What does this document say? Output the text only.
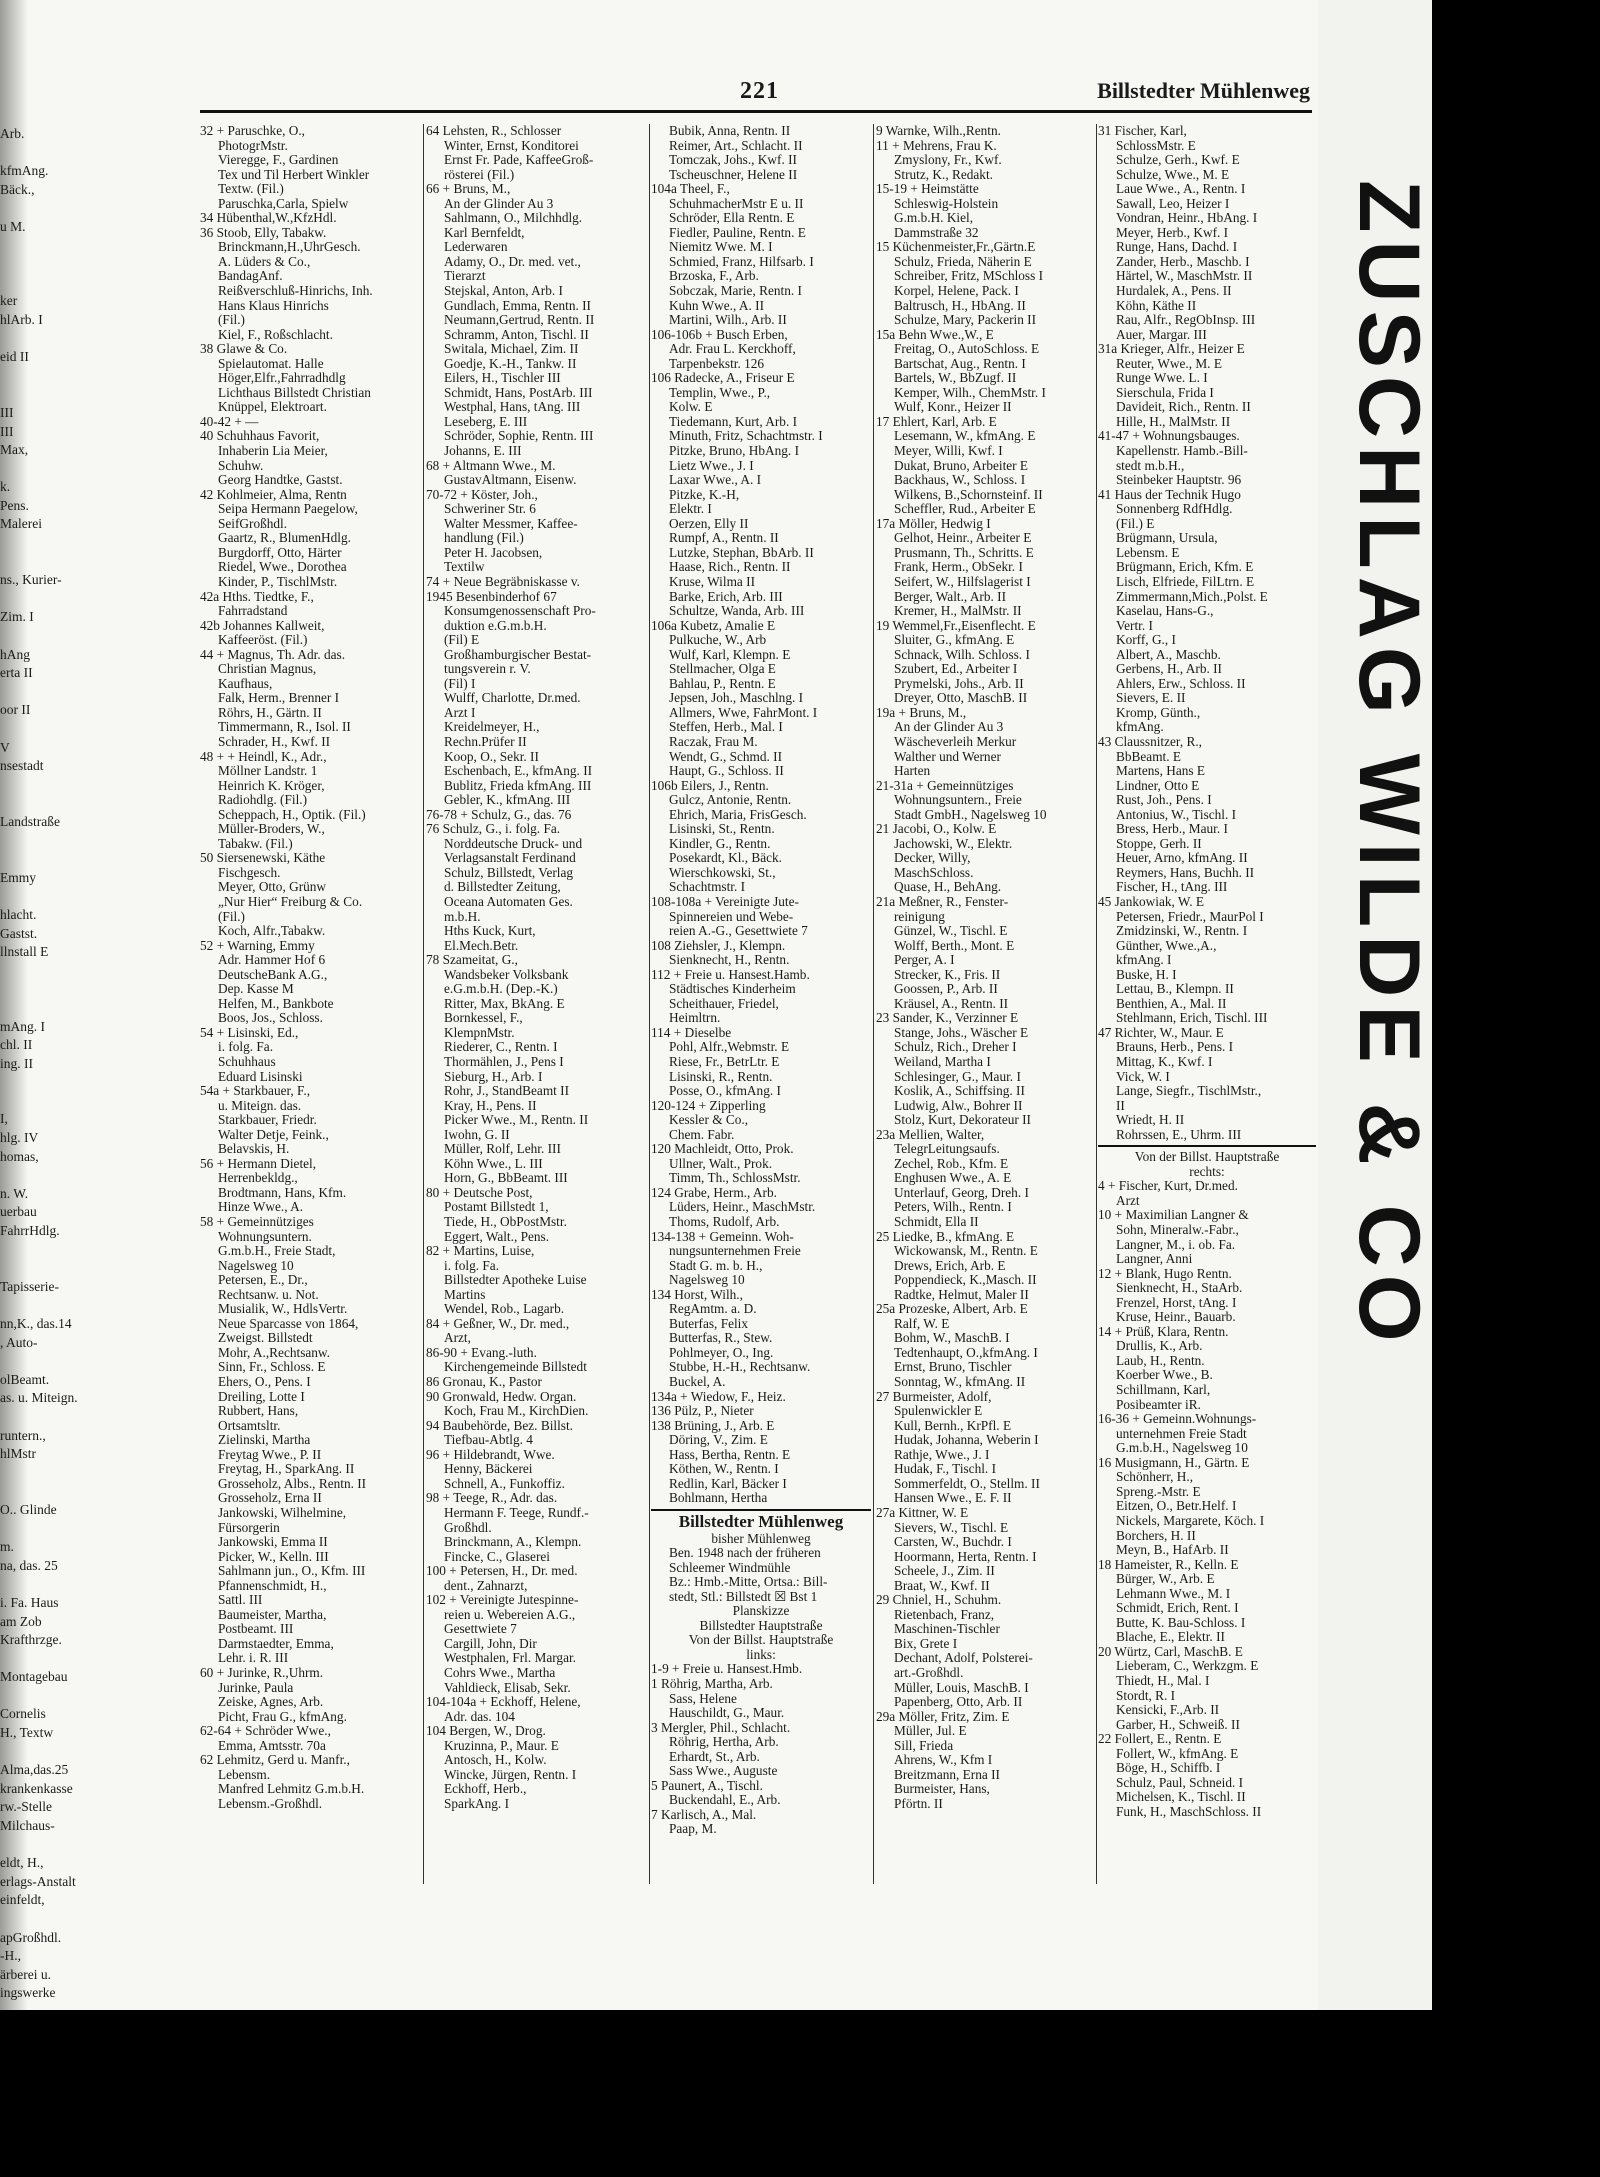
Arb.
kfmAng.
Bäck.,
u M.
ker
hlArb. I
eid II
III
III
Max,
k.
Pens.
Malerei
ns., Kurier-
Zim. I
hAng
erta II
oor II
V
nsestadt
Landstraße
Emmy
hlacht.
Gastst.
llnstall E
mAng. I
chl. II
ing. II
I,
hlg. IV
homas,
n. W.
uerbau
FahrrHdlg.
Tapisserie-
nn,K., das.14
, Auto-
olBeamt.
as. u. Miteign.
runtern.,
hlMstr
O.. Glinde
m.
na, das. 25
i. Fa. Haus
am Zob
Krafthrzge.
Montagebau
Cornelis
H., Textw
Alma,das.25
krankenkasse
rw.-Stelle
Milchaus-
eldt, H.,
erlags-Anstalt
einfeldt,
apGroßhdl.
-H.,
ärberei u.
ingswerke
221	Billstedter Mühlenweg
32 + Paruschke, O.,
PhotogrMstr.
Vieregge, F., Gardinen
Tex und Til Herbert Winkler
Textw. (Fil.)
Paruschka,Carla, Spielw
34 Hübenthal,W.,KfzHdl.
36 Stoob, Elly, Tabakw.
Brinckmann,H.,UhrGesch.
A. Lüders & Co.,
BandagAnf.
Reißverschluß-Hinrichs, Inh.
Hans Klaus Hinrichs
(Fil.)
Kiel, F., Roßschlacht.
38 Glawe & Co.
Spielautomat. Halle
Höger,Elfr.,Fahrradhdlg
Lichthaus Billstedt Christian
Knüppel, Elektroart.
40-42 + —
40 Schuhhaus Favorit,
Inhaberin Lia Meier,
Schuhw.
Georg Handtke, Gastst.
42 Kohlmeier, Alma, Rentn
Seipa Hermann Paegelow,
SeifGroßhdl.
Gaartz, R., BlumenHdlg.
Burgdorff, Otto, Härter
Riedel, Wwe., Dorothea
Kinder, P., TischlMstr.
42a Hths. Tiedtke, F.,
Fahrradstand
42b Johannes Kallweit,
Kaffeeröst. (Fil.)
44 + Magnus, Th. Adr. das.
Christian Magnus,
Kaufhaus,
Falk, Herm., Brenner I
Röhrs, H., Gärtn. II
Timmermann, R., Isol. II
Schrader, H., Kwf. II
48 + + Heindl, K., Adr.,
Möllner Landstr. 1
Heinrich K. Kröger,
Radiohdlg. (Fil.)
Scheppach, H., Optik. (Fil.)
Müller-Broders, W.,
Tabakw. (Fil.)
50 Siersenewski, Käthe
Fischgesch.
Meyer, Otto, Grünw
„Nur Hier“ Freiburg & Co.
(Fil.)
Koch, Alfr.,Tabakw.
52 + Warning, Emmy
Adr. Hammer Hof 6
DeutscheBank A.G.,
Dep. Kasse M
Helfen, M., Bankbote
Boos, Jos., Schloss.
54 + Lisinski, Ed.,
i. folg. Fa.
Schuhhaus
Eduard Lisinski
54a + Starkbauer, F.,
u. Miteign. das.
Starkbauer, Friedr.
Walter Detje, Feink.,
Belavskis, H.
56 + Hermann Dietel,
Herrenbekldg.,
Brodtmann, Hans, Kfm.
Hinze Wwe., A.
58 + Gemeinnütziges
Wohnungsuntern.
G.m.b.H., Freie Stadt,
Nagelsweg 10
Petersen, E., Dr.,
Rechtsanw. u. Not.
Musialik, W., HdlsVertr.
Neue Sparcasse von 1864,
Zweigst. Billstedt
Mohr, A.,Rechtsanw.
Sinn, Fr., Schloss. E
Ehers, O., Pens. I
Dreiling, Lotte I
Rubbert, Hans,
Ortsamtsltr.
Zielinski, Martha
Freytag Wwe., P. II
Freytag, H., SparkAng. II
Grosseholz, Albs., Rentn. II
Grosseholz, Erna II
Jankowski, Wilhelmine,
Fürsorgerin
Jankowski, Emma II
Picker, W., Kelln. III
Sahlmann jun., O., Kfm. III
Pfannenschmidt, H.,
Sattl. III
Baumeister, Martha,
Postbeamt. III
Darmstaedter, Emma,
Lehr. i. R. III
60 + Jurinke, R.,Uhrm.
Jurinke, Paula
Zeiske, Agnes, Arb.
Picht, Frau G., kfmAng.
62-64 + Schröder Wwe.,
Emma, Amtsstr. 70a
62 Lehmitz, Gerd u. Manfr.,
Lebensm.
Manfred Lehmitz G.m.b.H.
Lebensm.-Großhdl.
64 Lehsten, R., Schlosser
Winter, Ernst, Konditorei
Ernst Fr. Pade, KaffeeGroß-
rösterei (Fil.)
66 + Bruns, M.,
An der Glinder Au 3
Sahlmann, O., Milchhdlg.
Karl Bernfeldt,
Lederwaren
Adamy, O., Dr. med. vet.,
Tierarzt
Stejskal, Anton, Arb. I
Gundlach, Emma, Rentn. II
Neumann,Gertrud, Rentn. II
Schramm, Anton, Tischl. II
Switala, Michael, Zim. II
Goedje, K.-H., Tankw. II
Eilers, H., Tischler III
Schmidt, Hans, PostArb. III
Westphal, Hans, tAng. III
Leseberg, E. III
Schröder, Sophie, Rentn. III
Johanns, E. III
68 + Altmann Wwe., M.
GustavAltmann, Eisenw.
70-72 + Köster, Joh.,
Schweriner Str. 6
Walter Messmer, Kaffee-
handlung (Fil.)
Peter H. Jacobsen,
Textilw
74 + Neue Begräbniskasse v.
1945 Besenbinderhof 67
Konsumgenossenschaft Pro-
duktion e.G.m.b.H.
(Fil) E
Großhamburgischer Bestat-
tungsverein r. V.
(Fil) I
Wulff, Charlotte, Dr.med.
Arzt I
Kreidelmeyer, H.,
Rechn.Prüfer II
Koop, O., Sekr. II
Eschenbach, E., kfmAng. II
Bublitz, Frieda kfmAng. III
Gebler, K., kfmAng. III
76-78 + Schulz, G., das. 76
76 Schulz, G., i. folg. Fa.
Norddeutsche Druck- und
Verlagsanstalt Ferdinand
Schulz, Billstedt, Verlag
d. Billstedter Zeitung,
Oceana Automaten Ges.
m.b.H.
Hths Kuck, Kurt,
El.Mech.Betr.
78 Szameitat, G.,
Wandsbeker Volksbank
e.G.m.b.H. (Dep.-K.)
Ritter, Max, BkAng. E
Bornkessel, F.,
KlempnMstr.
Riederer, C., Rentn. I
Thormählen, J., Pens I
Sieburg, H., Arb. I
Rohr, J., StandBeamt II
Kray, H., Pens. II
Picker Wwe., M., Rentn. II
Iwohn, G. II
Müller, Rolf, Lehr. III
Köhn Wwe., L. III
Horn, G., BbBeamt. III
80 + Deutsche Post,
Postamt Billstedt 1,
Tiede, H., ObPostMstr.
Eggert, Walt., Pens.
82 + Martins, Luise,
i. folg. Fa.
Billstedter Apotheke Luise
Martins
Wendel, Rob., Lagarb.
84 + Geßner, W., Dr. med.,
Arzt,
86-90 + Evang.-luth.
Kirchengemeinde Billstedt
86 Gronau, K., Pastor
90 Gronwald, Hedw. Organ.
Koch, Frau M., KirchDien.
94 Baubehörde, Bez. Billst.
Tiefbau-Abtlg. 4
96 + Hildebrandt, Wwe.
Henny, Bäckerei
Schnell, A., Funkoffiz.
98 + Teege, R., Adr. das.
Hermann F. Teege, Rundf.-
Großhdl.
Brinckmann, A., Klempn.
Fincke, C., Glaserei
100 + Petersen, H., Dr. med.
dent., Zahnarzt,
102 + Vereinigte Jutespinne-
reien u. Webereien A.G.,
Gesettwiete 7
Cargill, John, Dir
Westphalen, Frl. Margar.
Cohrs Wwe., Martha
Vahldieck, Elisab, Sekr.
104-104a + Eckhoff, Helene,
Adr. das. 104
104 Bergen, W., Drog.
Kruzinna, P., Maur. E
Antosch, H., Kolw.
Wincke, Jürgen, Rentn. I
Eckhoff, Herb.,
SparkAng. I
Bubik, Anna, Rentn. II
Reimer, Art., Schlacht. II
Tomczak, Johs., Kwf. II
Tscheuschner, Helene II
104a Theel, F.,
SchuhmacherMstr E u. II
Schröder, Ella Rentn. E
Fiedler, Pauline, Rentn. E
Niemitz Wwe. M. I
Schmied, Franz, Hilfsarb. I
Brzoska, F., Arb.
Sobczak, Marie, Rentn. I
Kuhn Wwe., A. II
Martini, Wilh., Arb. II
106-106b + Busch Erben,
Adr. Frau L. Kerckhoff,
Tarpenbekstr. 126
106 Radecke, A., Friseur E
Templin, Wwe., P.,
Kolw. E
Tiedemann, Kurt, Arb. I
Minuth, Fritz, Schachtmstr. I
Pitzke, Bruno, HbAng. I
Lietz Wwe., J. I
Laxar Wwe., A. I
Pitzke, K.-H,
Elektr. I
Oerzen, Elly II
Rumpf, A., Rentn. II
Lutzke, Stephan, BbArb. II
Haase, Rich., Rentn. II
Kruse, Wilma II
Barke, Erich, Arb. III
Schultze, Wanda, Arb. III
106a Kubetz, Amalie E
Pulkuche, W., Arb
Wulf, Karl, Klempn. E
Stellmacher, Olga E
Bahlau, P., Rentn. E
Jepsen, Joh., Maschlng. I
Allmers, Wwe, FahrMont. I
Steffen, Herb., Mal. I
Raczak, Frau M.
Wendt, G., Schmd. II
Haupt, G., Schloss. II
106b Eilers, J., Rentn.
Gulcz, Antonie, Rentn.
Ehrich, Maria, FrisGesch.
Lisinski, St., Rentn.
Kindler, G., Rentn.
Posekardt, Kl., Bäck.
Wierschkowski, St.,
Schachtmstr. I
108-108a + Vereinigte Jute-
Spinnereien und Webe-
reien A.-G., Gesettwiete 7
108 Ziehsler, J., Klempn.
Sienknecht, H., Rentn.
112 + Freie u. Hansest.Hamb.
Städtisches Kinderheim
Scheithauer, Friedel,
Heimltrn.
114 + Dieselbe
Pohl, Alfr.,Webmstr. E
Riese, Fr., BetrLtr. E
Lisinski, R., Rentn.
Posse, O., kfmAng. I
120-124 + Zipperling
Kessler & Co.,
Chem. Fabr.
120 Machleidt, Otto, Prok.
Ullner, Walt., Prok.
Timm, Th., SchlossMstr.
124 Grabe, Herm., Arb.
Lüders, Heinr., MaschMstr.
Thoms, Rudolf, Arb.
134-138 + Gemeinn. Woh-
nungsunternehmen Freie
Stadt G. m. b. H.,
Nagelsweg 10
134 Horst, Wilh.,
RegAmtm. a. D.
Buterfas, Felix
Butterfas, R., Stew.
Pohlmeyer, O., Ing.
Stubbe, H.-H., Rechtsanw.
Buckel, A.
134a + Wiedow, F., Heiz.
136 Pülz, P., Nieter
138 Brüning, J., Arb. E
Döring, V., Zim. E
Hass, Bertha, Rentn. E
Köthen, W., Rentn. I
Redlin, Karl, Bäcker I
Bohlmann, Hertha
Billstedter Mühlenweg
bisher Mühlenweg
Ben. 1948 nach der früheren
Schleemer Windmühle
Bz.: Hmb.-Mitte, Ortsa.: Bill-
stedt, Stl.: Billstedt ☒ Bst 1
Planskizze
Billstedter Hauptstraße
Von der Billst. Hauptstraße
links:
1-9 + Freie u. Hansest.Hmb.
1 Röhrig, Martha, Arb.
Sass, Helene
Hauschildt, G., Maur.
3 Mergler, Phil., Schlacht.
Röhrig, Hertha, Arb.
Erhardt, St., Arb.
Sass Wwe., Auguste
5 Paunert, A., Tischl.
Buckendahl, E., Arb.
7 Karlisch, A., Mal.
Paap, M.
9 Warnke, Wilh.,Rentn.
11 + Mehrens, Frau K.
Zmyslony, Fr., Kwf.
Strutz, K., Redakt.
15-19 + Heimstätte
Schleswig-Holstein
G.m.b.H. Kiel,
Dammstraße 32
15 Küchenmeister,Fr.,Gärtn.E
Schulz, Frieda, Näherin E
Schreiber, Fritz, MSchloss I
Korpel, Helene, Pack. I
Baltrusch, H., HbAng. II
Schulze, Mary, Packerin II
15a Behn Wwe.,W., E
Freitag, O., AutoSchloss. E
Bartschat, Aug., Rentn. I
Bartels, W., BbZugf. II
Kemper, Wilh., ChemMstr. I
Wulf, Konr., Heizer II
17 Ehlert, Karl, Arb. E
Lesemann, W., kfmAng. E
Meyer, Willi, Kwf. I
Dukat, Bruno, Arbeiter E
Backhaus, W., Schloss. I
Wilkens, B.,Schornsteinf. II
Scheffler, Rud., Arbeiter E
17a Möller, Hedwig I
Gelhot, Heinr., Arbeiter E
Prusmann, Th., Schritts. E
Frank, Herm., ObSekr. I
Seifert, W., Hilfslagerist I
Berger, Walt., Arb. II
Kremer, H., MalMstr. II
19 Wemmel,Fr.,Eisenflecht. E
Sluiter, G., kfmAng. E
Schnack, Wilh. Schloss. I
Szubert, Ed., Arbeiter I
Prymelski, Johs., Arb. II
Dreyer, Otto, MaschB. II
19a + Bruns, M.,
An der Glinder Au 3
Wäscheverleih Merkur
Walther und Werner
Harten
21-31a + Gemeinnütziges
Wohnungsuntern., Freie
Stadt GmbH., Nagelsweg 10
21 Jacobi, O., Kolw. E
Jachowski, W., Elektr.
Decker, Willy,
MaschSchloss.
Quase, H., BehAng.
21a Meßner, R., Fenster-
reinigung
Günzel, W., Tischl. E
Wolff, Berth., Mont. E
Perger, A. I
Strecker, K., Fris. II
Goossen, P., Arb. II
Kräusel, A., Rentn. II
23 Sander, K., Verzinner E
Stange, Johs., Wäscher E
Schulz, Rich., Dreher I
Weiland, Martha I
Schlesinger, G., Maur. I
Koslik, A., Schiffsing. II
Ludwig, Alw., Bohrer II
Stolz, Kurt, Dekorateur II
23a Mellien, Walter,
TelegrLeitungsaufs.
Zechel, Rob., Kfm. E
Enghusen Wwe., A. E
Unterlauf, Georg, Dreh. I
Peters, Wilh., Rentn. I
Schmidt, Ella II
25 Liedke, B., kfmAng. E
Wickowansk, M., Rentn. E
Drews, Erich, Arb. E
Poppendieck, K.,Masch. II
Radtke, Helmut, Maler II
25a Prozeske, Albert, Arb. E
Ralf, W. E
Bohm, W., MaschB. I
Tedtenhaupt, O.,kfmAng. I
Ernst, Bruno, Tischler
Sonntag, W., kfmAng. II
27 Burmeister, Adolf,
Spulenwickler E
Kull, Bernh., KrPfl. E
Hudak, Johanna, Weberin I
Rathje, Wwe., J. I
Hudak, F., Tischl. I
Sommerfeldt, O., Stellm. II
Hansen Wwe., E. F. II
27a Kittner, W. E
Sievers, W., Tischl. E
Carsten, W., Buchdr. I
Hoormann, Herta, Rentn. I
Scheele, J., Zim. II
Braat, W., Kwf. II
29 Chniel, H., Schuhm.
Rietenbach, Franz,
Maschinen-Tischler
Bix, Grete I
Dechant, Adolf, Polsterei-
art.-Großhdl.
Müller, Louis, MaschB. I
Papenberg, Otto, Arb. II
29a Möller, Fritz, Zim. E
Müller, Jul. E
Sill, Frieda
Ahrens, W., Kfm I
Breitzmann, Erna II
Burmeister, Hans,
Pförtn. II
31 Fischer, Karl,
SchlossMstr. E
Schulze, Gerh., Kwf. E
Schulze, Wwe., M. E
Laue Wwe., A., Rentn. I
Sawall, Leo, Heizer I
Vondran, Heinr., HbAng. I
Meyer, Herb., Kwf. I
Runge, Hans, Dachd. I
Zander, Herb., Maschb. I
Härtel, W., MaschMstr. II
Hurdalek, A., Pens. II
Köhn, Käthe II
Rau, Alfr., RegObInsp. III
Auer, Margar. III
31a Krieger, Alfr., Heizer E
Reuter, Wwe., M. E
Runge Wwe. L. I
Sierschula, Frida I
Davideit, Rich., Rentn. II
Hille, H., MalMstr. II
41-47 + Wohnungsbauges.
Kapellenstr. Hamb.-Bill-
stedt m.b.H.,
Steinbeker Hauptstr. 96
41 Haus der Technik Hugo
Sonnenberg RdfHdlg.
(Fil.) E
Brügmann, Ursula,
Lebensm. E
Brügmann, Erich, Kfm. E
Lisch, Elfriede, FilLtrn. E
Zimmermann,Mich.,Polst. E
Kaselau, Hans-G.,
Vertr. I
Korff, G., I
Albert, A., Maschb.
Gerbens, H., Arb. II
Ahlers, Erw., Schloss. II
Sievers, E. II
Kromp, Günth.,
kfmAng.
43 Claussnitzer, R.,
BbBeamt. E
Martens, Hans E
Lindner, Otto E
Rust, Joh., Pens. I
Antonius, W., Tischl. I
Bress, Herb., Maur. I
Stoppe, Gerh. II
Heuer, Arno, kfmAng. II
Reymers, Hans, Buchh. II
Fischer, H., tAng. III
45 Jankowiak, W. E
Petersen, Friedr., MaurPol I
Zmidzinski, W., Rentn. I
Günther, Wwe.,A.,
kfmAng. I
Buske, H. I
Lettau, B., Klempn. II
Benthien, A., Mal. II
Stehlmann, Erich, Tischl. III
47 Richter, W., Maur. E
Brauns, Herb., Pens. I
Mittag, K., Kwf. I
Vick, W. I
Lange, Siegfr., TischlMstr.,
II
Wriedt, H. II
Rohrssen, E., Uhrm. III
Von der Billst. Hauptstraße
rechts:
4 + Fischer, Kurt, Dr.med.
Arzt
10 + Maximilian Langner &
Sohn, Mineralw.-Fabr.,
Langner, M., i. ob. Fa.
Langner, Anni
12 + Blank, Hugo Rentn.
Sienknecht, H., StaArb.
Frenzel, Horst, tAng. I
Kruse, Heinr., Bauarb.
14 + Prüß, Klara, Rentn.
Drullis, K., Arb.
Laub, H., Rentn.
Koerber Wwe., B.
Schillmann, Karl,
Posibeamter iR.
16-36 + Gemeinn.Wohnungs-
unternehmen Freie Stadt
G.m.b.H., Nagelsweg 10
16 Musigmann, H., Gärtn. E
Schönherr, H.,
Spreng.-Mstr. E
Eitzen, O., Betr.Helf. I
Nickels, Margarete, Köch. I
Borchers, H. II
Meyn, B., HafArb. II
18 Hameister, R., Kelln. E
Bürger, W., Arb. E
Lehmann Wwe., M. I
Schmidt, Erich, Rent. I
Butte, K. Bau-Schloss. I
Blache, E., Elektr. II
20 Würtz, Carl, MaschB. E
Lieberam, C., Werkzgm. E
Thiedt, H., Mal. I
Stordt, R. I
Kensicki, F.,Arb. II
Garber, H., Schweiß. II
22 Follert, E., Rentn. E
Follert, W., kfmAng. E
Böge, H., Schiffb. I
Schulz, Paul, Schneid. I
Michelsen, K., Tischl. II
Funk, H., MaschSchloss. II
ZUSCHLAG WILDE & CO
